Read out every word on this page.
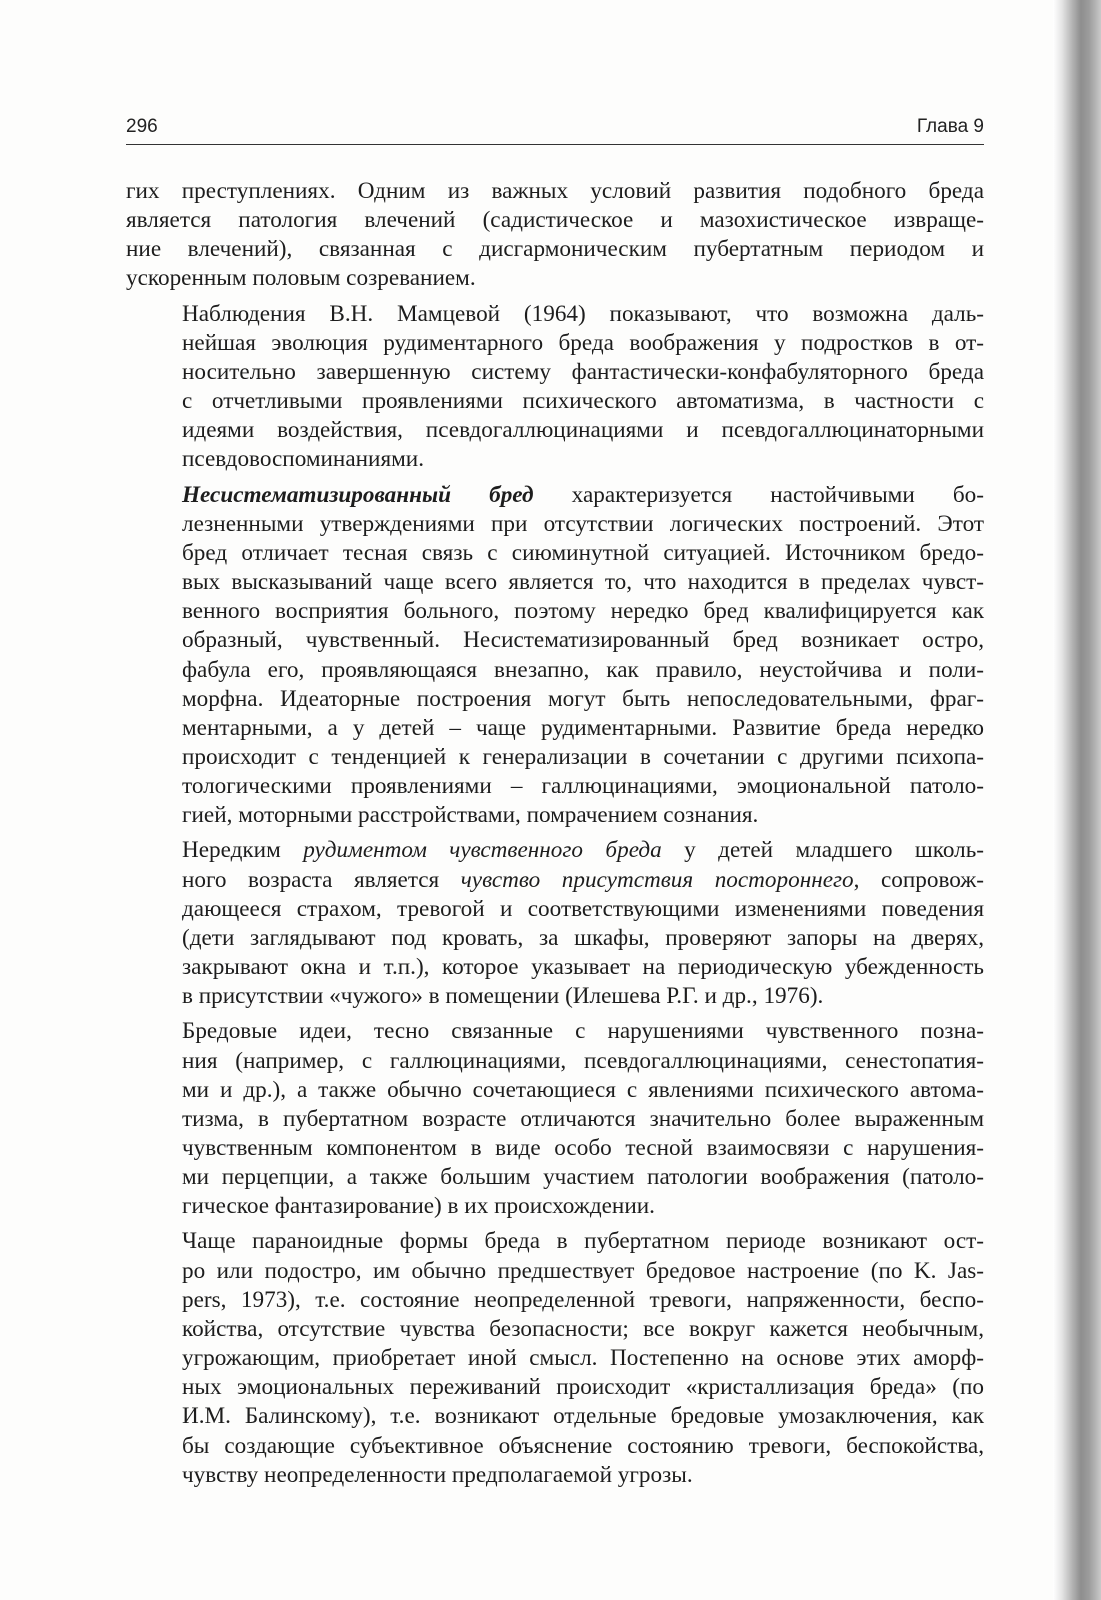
296	Глава 9

гих преступлениях. Одним из важных условий развития подобного бреда
является патология влечений (садистическое и мазохистическое извраще-
ние влечений), связанная с дисгармоническим пубертатным периодом и
ускоренным половым созреванием.

Наблюдения В.Н. Мамцевой (1964) показывают, что возможна даль-
нейшая эволюция рудиментарного бреда воображения у подростков в от-
носительно завершенную систему фантастически-конфабуляторного бреда
с отчетливыми проявлениями психического автоматизма, в частности с
идеями воздействия, псевдогаллюцинациями и псевдогаллюцинаторными
псевдовоспоминаниями.

Несистематизированный бред характеризуется настойчивыми бо-
лезненными утверждениями при отсутствии логических построений. Этот
бред отличает тесная связь с сиюминутной ситуацией. Источником бредо-
вых высказываний чаще всего является то, что находится в пределах чувст-
венного восприятия больного, поэтому нередко бред квалифицируется как
образный, чувственный. Несистематизированный бред возникает остро,
фабула его, проявляющаяся внезапно, как правило, неустойчива и поли-
морфна. Идеаторные построения могут быть непоследовательными, фраг-
ментарными, а у детей – чаще рудиментарными. Развитие бреда нередко
происходит с тенденцией к генерализации в сочетании с другими психопа-
тологическими проявлениями – галлюцинациями, эмоциональной патоло-
гией, моторными расстройствами, помрачением сознания.

Нередким рудиментом чувственного бреда у детей младшего школь-
ного возраста является чувство присутствия постороннего, сопровож-
дающееся страхом, тревогой и соответствующими изменениями поведения
(дети заглядывают под кровать, за шкафы, проверяют запоры на дверях,
закрывают окна и т.п.), которое указывает на периодическую убежденность
в присутствии «чужого» в помещении (Илешева Р.Г. и др., 1976).

Бредовые идеи, тесно связанные с нарушениями чувственного позна-
ния (например, с галлюцинациями, псевдогаллюцинациями, сенестопатия-
ми и др.), а также обычно сочетающиеся с явлениями психического автома-
тизма, в пубертатном возрасте отличаются значительно более выраженным
чувственным компонентом в виде особо тесной взаимосвязи с нарушения-
ми перцепции, а также большим участием патологии воображения (патоло-
гическое фантазирование) в их происхождении.

Чаще параноидные формы бреда в пубертатном периоде возникают ост-
ро или подостро, им обычно предшествует бредовое настроение (по K. Jas-
pers, 1973), т.е. состояние неопределенной тревоги, напряженности, беспо-
койства, отсутствие чувства безопасности; все вокруг кажется необычным,
угрожающим, приобретает иной смысл. Постепенно на основе этих аморф-
ных эмоциональных переживаний происходит «кристаллизация бреда» (по
И.М. Балинскому), т.е. возникают отдельные бредовые умозаключения, как
бы создающие субъективное объяснение состоянию тревоги, беспокойства,
чувству неопределенности предполагаемой угрозы.
